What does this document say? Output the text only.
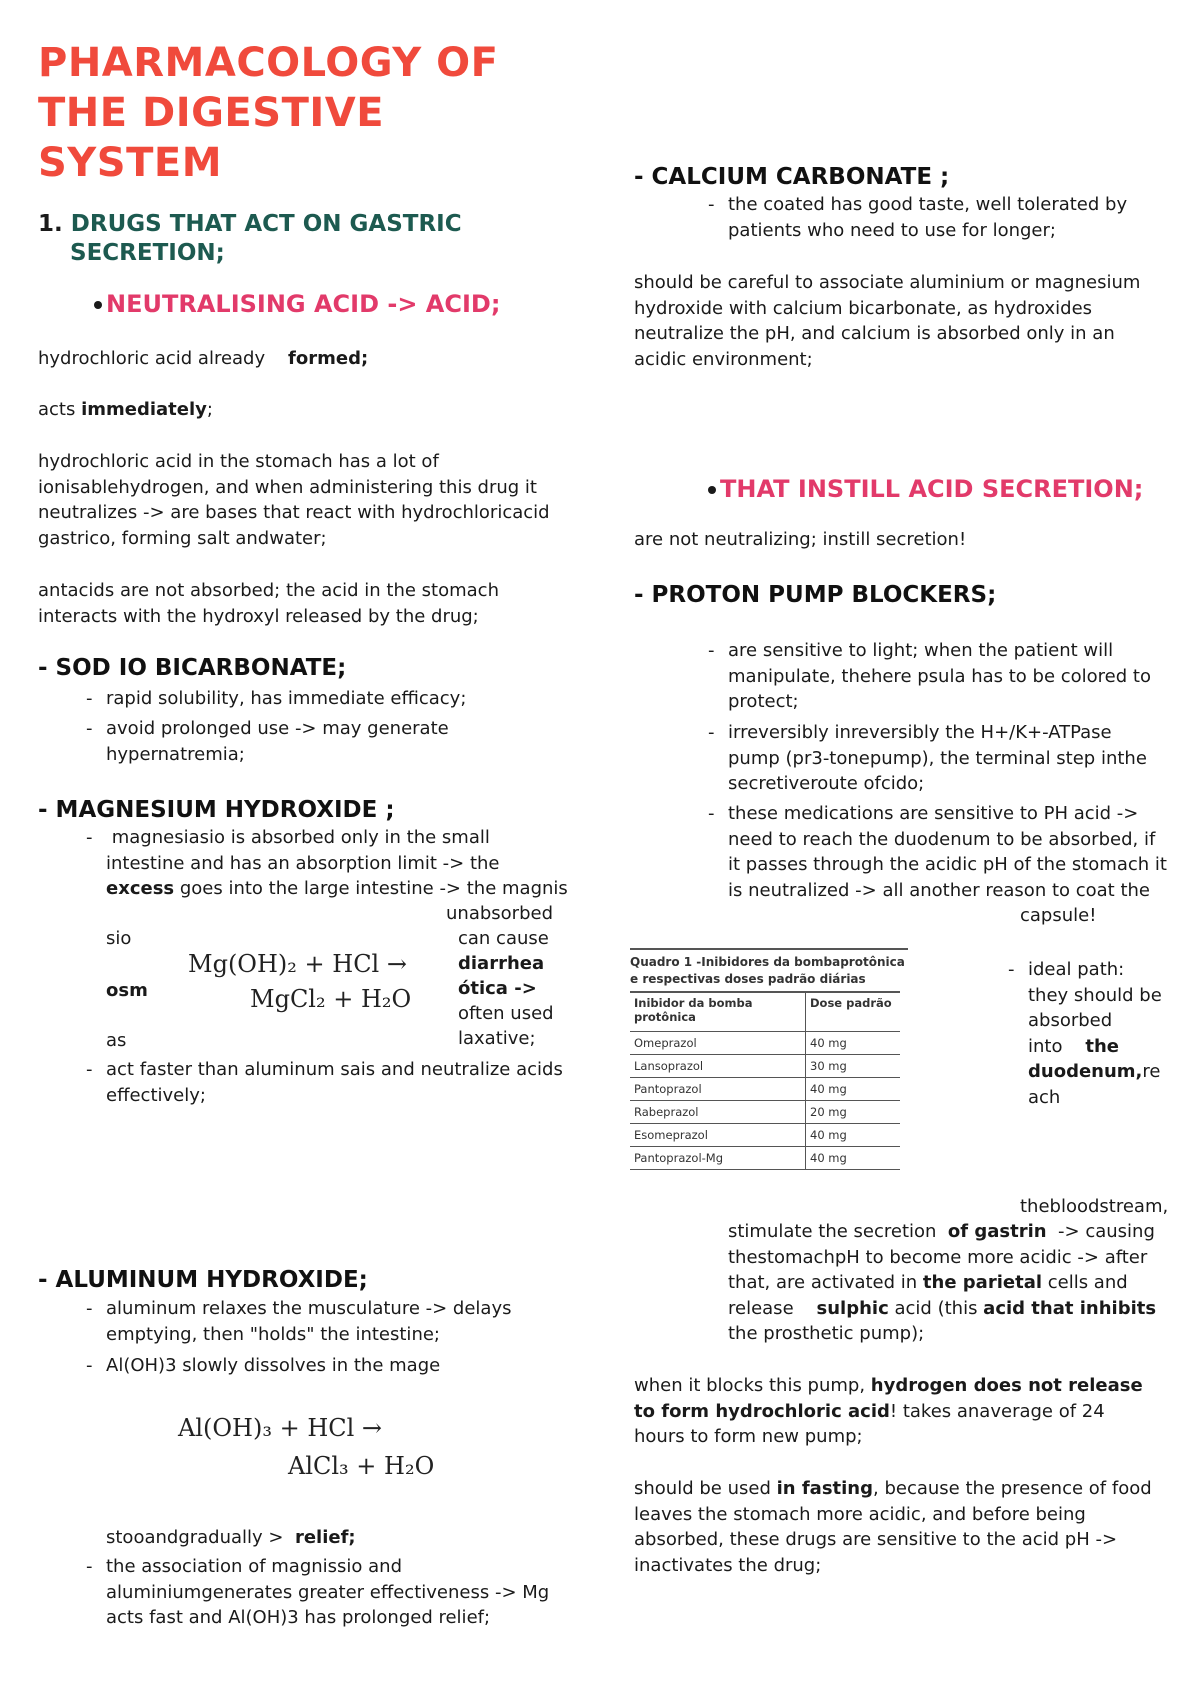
PHARMACOLOGY OF THE DIGESTIVE SYSTEM
1. DRUGS THAT ACT ON GASTRIC
SECRETION;
NEUTRALISING ACID -> ACID;
hydrochloric acid already formed;
acts immediately;
hydrochloric acid in the stomach has a lot of
ionisablehydrogen, and when administering this drug it
neutralizes -> are bases that react with hydrochloricacid
gastrico, forming salt andwater;
antacids are not absorbed; the acid in the stomach
interacts with the hydroxyl released by the drug;
- SOD IO BICARBONATE;
- rapid solubility, has immediate efficacy;
- avoid prolonged use -> may generate
hypernatremia;
- MAGNESIUM HYDROXIDE ;
-	magnesiasio is absorbed only in the small
intestine and has an absorption limit -> the
excess goes into the large intestine -> the magnis
unabsorbed
can cause
diarrhea
ótica ->
often used
laxative;
sio
osm
as
Mg(OH)₂ + HCl →
MgCl₂ + H₂O
- act faster than aluminum sais and neutralize acids
effectively;
- ALUMINUM HYDROXIDE;
- aluminum relaxes the musculature -> delays
emptying, then "holds" the intestine;
- Al(OH)3 slowly dissolves in the mage
Al(OH)₃ + HCl →
AlCl₃ + H₂O
stooandgradually > relief;
- the association of magnissio and
aluminiumgenerates greater effectiveness -> Mg
acts fast and Al(OH)3 has prolonged relief;
- CALCIUM CARBONATE ;
- the coated has good taste, well tolerated by
patients who need to use for longer;
should be careful to associate aluminium or magnesium
hydroxide with calcium bicarbonate, as hydroxides
neutralize the pH, and calcium is absorbed only in an
acidic environment;
THAT INSTILL ACID SECRETION;
are not neutralizing; instill secretion!
- PROTON PUMP BLOCKERS;
- are sensitive to light; when the patient will
manipulate, thehere psula has to be colored to
protect;
- irreversibly inreversibly the H+/K+-ATPase
pump (pr3-tonepump), the terminal step inthe
secretiveroute ofcido;
- these medications are sensitive to PH acid ->
need to reach the duodenum to be absorbed, if
it passes through the acidic pH of the stomach it
is neutralized -> all another reason to coat the
capsule!
Quadro 1 -Inibidores da bombaprotônica
e respectivas doses padrão diárias
Inibidor da bomba protônica	Dose padrão
Omeprazol	40 mg
Lansoprazol	30 mg
Pantoprazol	40 mg
Rabeprazol	20 mg
Esomeprazol	40 mg
Pantoprazol-Mg	40 mg
- ideal path:
they should be
absorbed
into the
duodenum,re
ach
thebloodstream,
stimulate the secretion of gastrin -> causing
thestomachpH to become more acidic -> after
that, are activated in the parietal cells and
release sulphic acid (this acid that inhibits
the prosthetic pump);
when it blocks this pump, hydrogen does not release
to form hydrochloric acid! takes anaverage of 24
hours to form new pump;
should be used in fasting, because the presence of food
leaves the stomach more acidic, and before being
absorbed, these drugs are sensitive to the acid pH ->
inactivates the drug;
